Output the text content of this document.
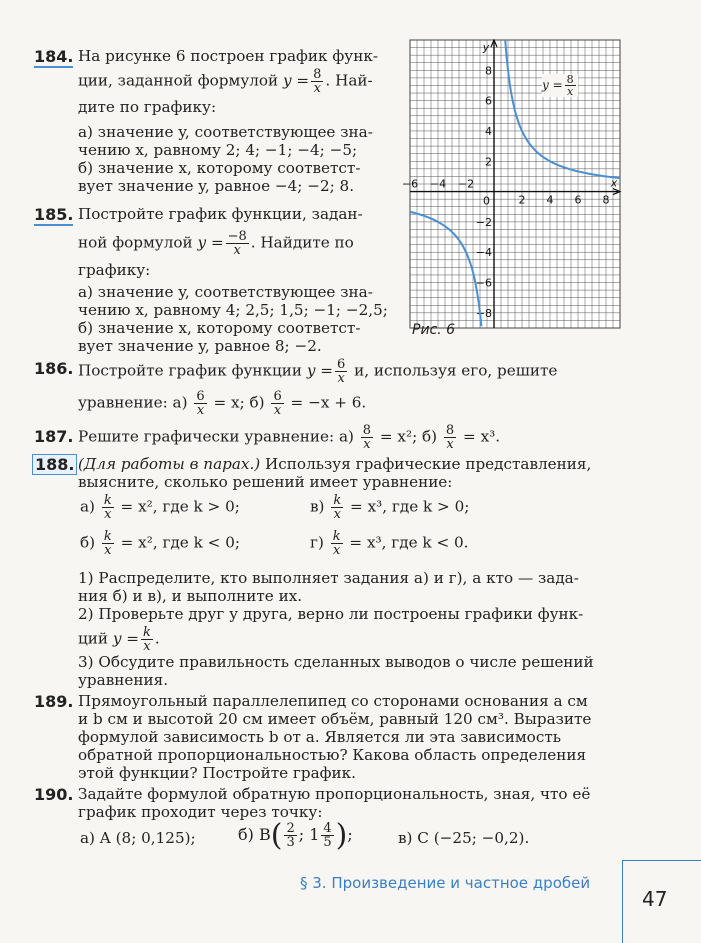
184. На рисунке 6 построен график функ-
ции, заданной формулой $y = \frac{8}{x}$ . Най-
дите по графику:
а) значение y, соответствующее зна-
чению x, равному 2; 4; −1; −4; −5;
б) значение x, которому соответст-
вует значение y, равное −4; −2; 8.
185. Постройте график функции, задан-
ной формулой $y = \frac{-8}{x}$ . Найдите по
графику:
а) значение y, соответствующее зна-
чению x, равному 4; 2,5; 1,5; −1; −2,5;
б) значение x, которому соответст-
вует значение y, равное 8; −2.
−6 −4 −2
2 4 6 8
8
6
4
2
−2
−4
−6
−8
0
x
y
$y = \frac{8}{x}$
Рис. 6
186. Постройте график функции $y = \frac{6}{x} и$, используя его, решите
уравнение: $а) \frac{6}{x} = x$; $б) \frac{6}{x} = -x + 6$.
187. Решите графически уравнение: $а) \frac{8}{x} = x^2$; $б) \frac{8}{x} = x^3$.
188. (Для работы в парах.) Используя графические представления,
выясните, сколько решений имеет уравнение:
$а) \frac{k}{x} = x^2$, где k > 0;	$в) \frac{k}{x} = x^3$, где k > 0;
$б) \frac{k}{x} = x^2$, где k < 0;	$г) \frac{k}{x} = x^3$, где k < 0.
1) Распределите, кто выполняет задания а) и г), а кто — зада-
ния б) и в), и выполните их.
2) Проверьте друг у друга, верно ли построены графики функ-
ций $y = \frac{k}{x}$ .
3) Обсудите правильность сделанных выводов о числе решений
уравнения.
189. Прямоугольный параллелепипед со сторонами основания a см
и b см и высотой 20 см имеет объём, равный 120 см³. Выразите
формулой зависимость b от a. Является ли эта зависимость
обратной пропорциональностью? Какова область определения
этой функции? Постройте график.
190. Задайте формулой обратную пропорциональность, зная, что её
график проходит через точку:
а) A (8; 0,125);	б) $B( \frac{2}{3}$ ; $1 \frac{4}{5}$ );	в) C (−25; −0,2).
§ 3. Произведение и частное дробей
47
